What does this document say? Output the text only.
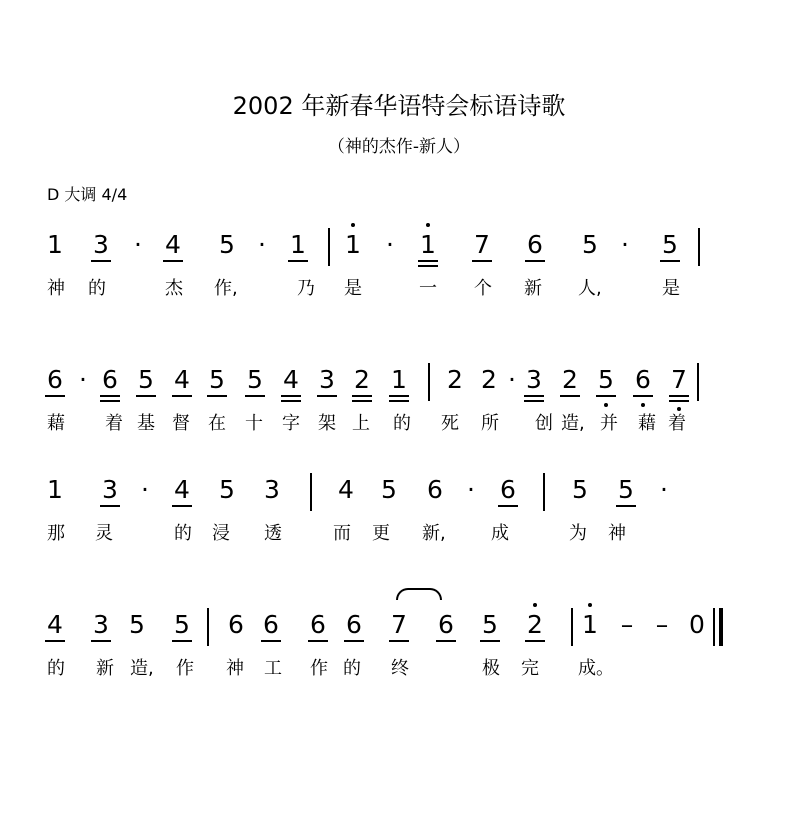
2002 年新春华语特会标语诗歌
（神的杰作-新人）
D 大调 4/4
1 3	· 4 5 · 1 1	·	1 7 6 5 ·	5
神 的	杰 作,	乃 是	一 个 新 人,	是
6 · 6 5 4 5 5 4 3 2 1 2 2 · 3 2 5 6 7
藉 着 基 督 在 十 字 架 上 的 死 所 创 造, 并 藉 着
1 3 ·	4 5 3 4 5 6 ·	6 5 5	·
那 灵	的 浸 透	而 更 新,	成	为 神
4 3 5 5 6 6 6 6 7 6 5 2 1 – – 0
的 新 造, 作 神 工 作 的 终	极 完 成。
